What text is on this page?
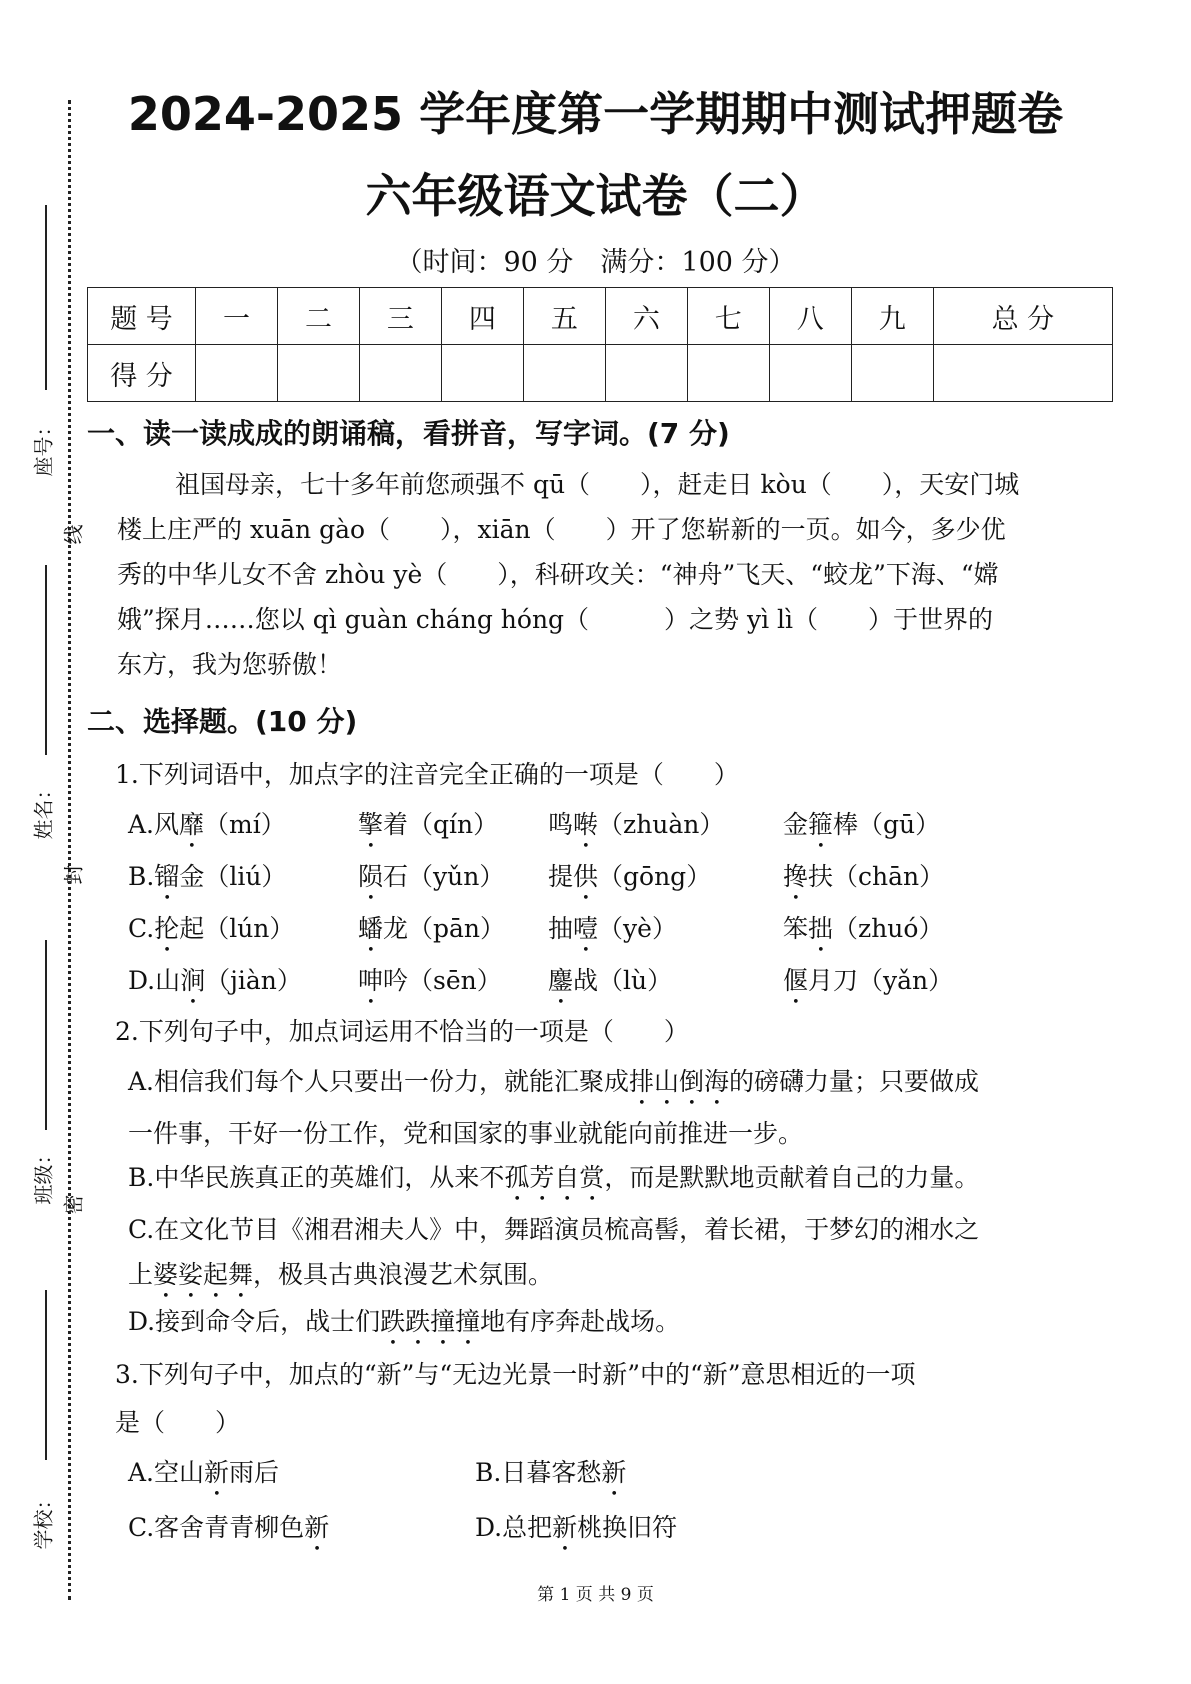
座号：
姓名：
班级：
学校：
线
封
密
2024-2025 学年度第一学期期中测试押题卷
六年级语文试卷（二）
（时间：90 分　满分：100 分）
题 号	一	二	三	四	五	六	七	八	九	总 分
得 分										
一、读一读成成的朗诵稿，看拼音，写字词。(7 分)
祖国母亲，七十多年前您顽强不 qū（　　），赶走日 kòu（　　），天安门城
楼上庄严的 xuān gào（　　），xiān（　　）开了您崭新的一页。如今，多少优
秀的中华儿女不舍 zhòu yè（　　），科研攻关：“神舟”飞天、“蛟龙”下海、“嫦
娥”探月……您以 qì guàn cháng hóng（　　　）之势 yì lì（　　）于世界的
东方，我为您骄傲！
二、选择题。(10 分)
1.下列词语中，加点字的注音完全正确的一项是（　　）
A.风靡（mí）	擎着（qín） 鸣啭（zhuàn） 金箍棒（gū）
B.镏金（liú）	陨石（yǔn） 提供（gōng）	搀扶（chān）
C.抡起（lún）	蟠龙（pān） 抽噎（yè）	笨拙（zhuó）
D.山涧（jiàn） 呻吟（sēn） 鏖战（lù）	偃月刀（yǎn）
2.下列句子中，加点词运用不恰当的一项是（　　）
A.相信我们每个人只要出一份力，就能汇聚成排山倒海的磅礴力量；只要做成
一件事，干好一份工作，党和国家的事业就能向前推进一步。
B.中华民族真正的英雄们，从来不孤芳自赏，而是默默地贡献着自己的力量。
C.在文化节目《湘君湘夫人》中，舞蹈演员梳高髻，着长裙，于梦幻的湘水之
上婆娑起舞，极具古典浪漫艺术氛围。
D.接到命令后，战士们跌跌撞撞地有序奔赴战场。
3.下列句子中，加点的“新”与“无边光景一时新”中的“新”意思相近的一项
是（　　）
A.空山新雨后	B.日暮客愁新
C.客舍青青柳色新	D.总把新桃换旧符
第 1 页 共 9 页
